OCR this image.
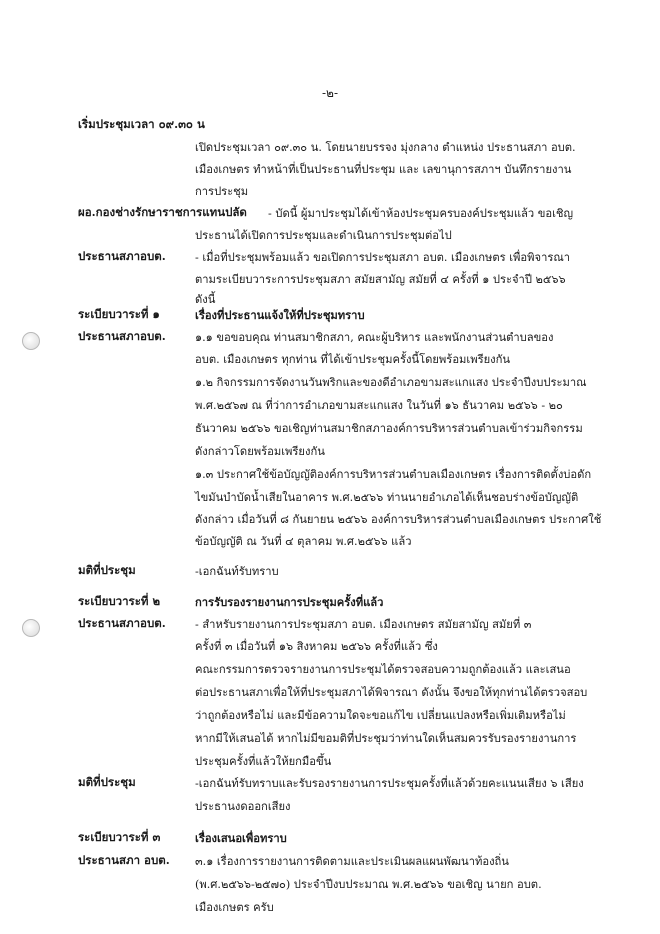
-๒-
เริ่มประชุมเวลา ๐๙.๓๐ น
เปิดประชุมเวลา ๐๙.๓๐ น. โดยนายบรรจง มุ่งกลาง ตำแหน่ง ประธานสภา อบต.
เมืองเกษตร ทำหน้าที่เป็นประธานที่ประชุม และ เลขานุการสภาฯ บันทึกรายงาน
การประชุม
ผอ.กองช่างรักษาราชการแทนปลัด - บัดนี้ ผู้มาประชุมได้เข้าห้องประชุมครบองค์ประชุมแล้ว ขอเชิญ
ประธานได้เปิดการประชุมและดำเนินการประชุมต่อไป
ประธานสภาอบต.	- เมื่อที่ประชุมพร้อมแล้ว ขอเปิดการประชุมสภา อบต. เมืองเกษตร เพื่อพิจารณา
ตามระเบียบวาระการประชุมสภา สมัยสามัญ สมัยที่ ๔ ครั้งที่ ๑ ประจำปี ๒๕๖๖
ดังนี้
ระเบียบวาระที่ ๑	เรื่องที่ประธานแจ้งให้ที่ประชุมทราบ
ประธานสภาอบต.	๑.๑ ขอขอบคุณ ท่านสมาชิกสภา, คณะผู้บริหาร และพนักงานส่วนตำบลของ
อบต. เมืองเกษตร ทุกท่าน ที่ได้เข้าประชุมครั้งนี้โดยพร้อมเพรียงกัน
๑.๒ กิจกรรมการจัดงานวันพริกและของดีอำเภอขามสะแกแสง ประจำปีงบประมาณ
พ.ศ.๒๕๖๗ ณ ที่ว่าการอำเภอขามสะแกแสง ในวันที่ ๑๖ ธันวาคม ๒๕๖๖ - ๒๐
ธันวาคม ๒๕๖๖ ขอเชิญท่านสมาชิกสภาองค์การบริหารส่วนตำบลเข้าร่วมกิจกรรม
ดังกล่าวโดยพร้อมเพรียงกัน
๑.๓ ประกาศใช้ข้อบัญญัติองค์การบริหารส่วนตำบลเมืองเกษตร เรื่องการติดตั้งบ่อดัก
ไขมันบำบัดน้ำเสียในอาคาร พ.ศ.๒๕๖๖ ท่านนายอำเภอได้เห็นชอบร่างข้อบัญญัติ
ดังกล่าว เมื่อวันที่ ๘ กันยายน ๒๕๖๖ องค์การบริหารส่วนตำบลเมืองเกษตร ประกาศใช้
ข้อบัญญัติ ณ วันที่ ๔ ตุลาคม พ.ศ.๒๕๖๖ แล้ว
มติที่ประชุม	-เอกฉันท์รับทราบ
ระเบียบวาระที่ ๒	การรับรองรายงานการประชุมครั้งที่แล้ว
ประธานสภาอบต.	- สำหรับรายงานการประชุมสภา อบต. เมืองเกษตร สมัยสามัญ สมัยที่ ๓
ครั้งที่ ๓ เมื่อวันที่ ๑๖ สิงหาคม ๒๕๖๖ ครั้งที่แล้ว ซึ่ง
คณะกรรมการตรวจรายงานการประชุมได้ตรวจสอบความถูกต้องแล้ว และเสนอ
ต่อประธานสภาเพื่อให้ที่ประชุมสภาได้พิจารณา ดังนั้น จึงขอให้ทุกท่านได้ตรวจสอบ
ว่าถูกต้องหรือไม่ และมีข้อความใดจะขอแก้ไข เปลี่ยนแปลงหรือเพิ่มเติมหรือไม่
หากมีให้เสนอได้ หากไม่มีขอมติที่ประชุมว่าท่านใดเห็นสมควรรับรองรายงานการ
ประชุมครั้งที่แล้วให้ยกมือขึ้น
มติที่ประชุม	-เอกฉันท์รับทราบและรับรองรายงานการประชุมครั้งที่แล้วด้วยคะแนนเสียง ๖ เสียง
ประธานงดออกเสียง
ระเบียบวาระที่ ๓	เรื่องเสนอเพื่อทราบ
ประธานสภา อบต. ๓.๑ เรื่องการรายงานการติดตามและประเมินผลแผนพัฒนาท้องถิ่น
(พ.ศ.๒๕๖๖-๒๕๗๐) ประจำปีงบประมาณ พ.ศ.๒๕๖๖ ขอเชิญ นายก อบต.
เมืองเกษตร ครับ
